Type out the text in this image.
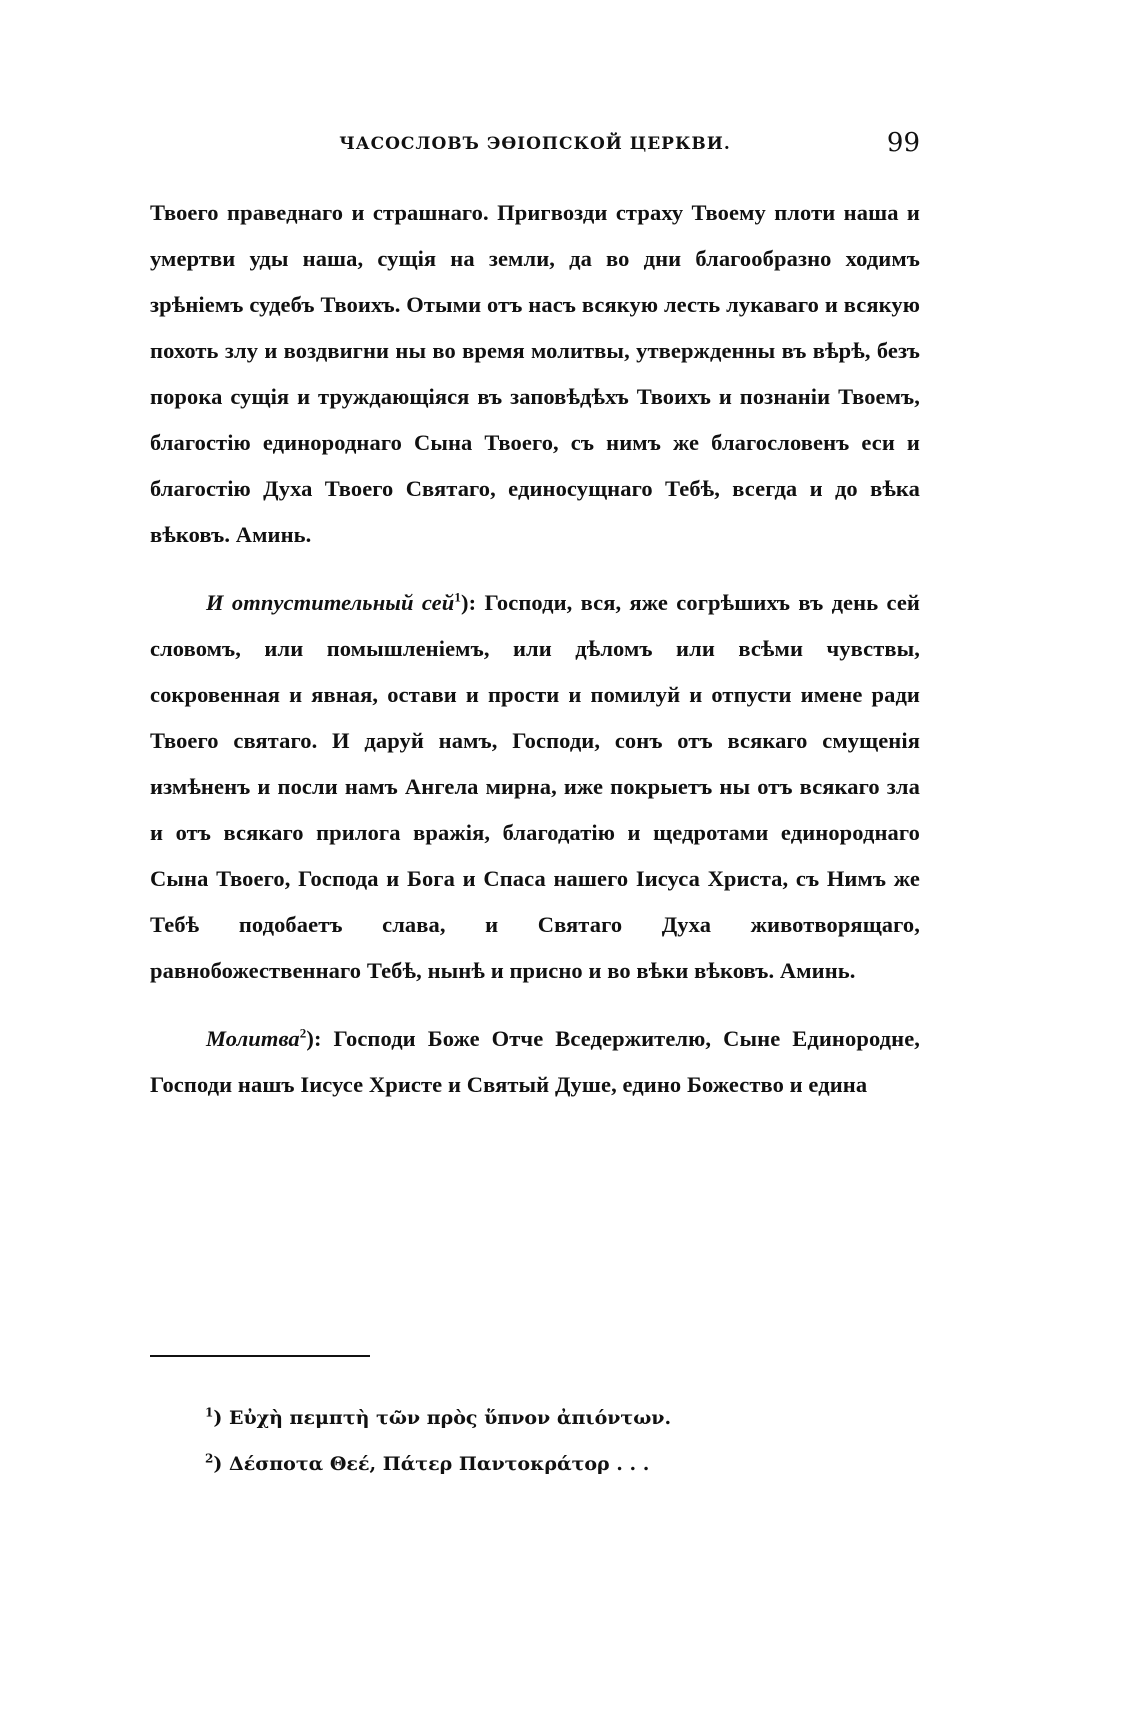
ЧАСОСЛОВЪ ЭѲІОПСКОЙ ЦЕРКВИ.	99

Твоего праведнаго и страшнаго. Пригвозди страху Твоему плоти наша и умертви уды наша, сущія на земли, да во дни благообразно ходимъ зрѣніемъ судебъ Твоихъ. Отыми отъ насъ всякую лесть лукаваго и всякую похоть злу и воздвигни ны во время молитвы, утвержденны въ вѣрѣ, безъ порока сущія и труждающіяся въ заповѣдѣхъ Твоихъ и познаніи Твоемъ, благостію единороднаго Сына Твоего, съ нимъ же благословенъ еси и благостію Духа Твоего Святаго, единосущнаго Тебѣ, всегда и до вѣка вѣковъ. Аминь.

И отпустительный сей$^1$): Господи, вся, яже согрѣшихъ въ день сей словомъ, или помышленіемъ, или дѣломъ или всѣми чувствы, сокровенная и явная, остави и прости и помилуй и отпусти имене ради Твоего святаго. И даруй намъ, Господи, сонъ отъ всякаго смущенія измѣненъ и посли намъ Ангела мирна, иже покрыетъ ны отъ всякаго зла и отъ всякаго прилога вражія, благодатію и щедротами единороднаго Сына Твоего, Господа и Бога и Спаса нашего Іисуса Христа, съ Нимъ же Тебѣ подобаетъ слава, и Святаго Духа животворящаго, равнобожественнаго Тебѣ, нынѣ и присно и во вѣки вѣковъ. Аминь.

Молитва$^2$): Господи Боже Отче Вседержителю, Сыне Единородне, Господи нашъ Іисусе Христе и Святый Душе, едино Божество и едина

$^1$) Εὐχὴ πεμπτὴ τῶν πρὸς ὕπνον ἀπιόντων.
$^2$) Δέσποτα Θεέ, Πάτερ Παντοκράτορ . . .
